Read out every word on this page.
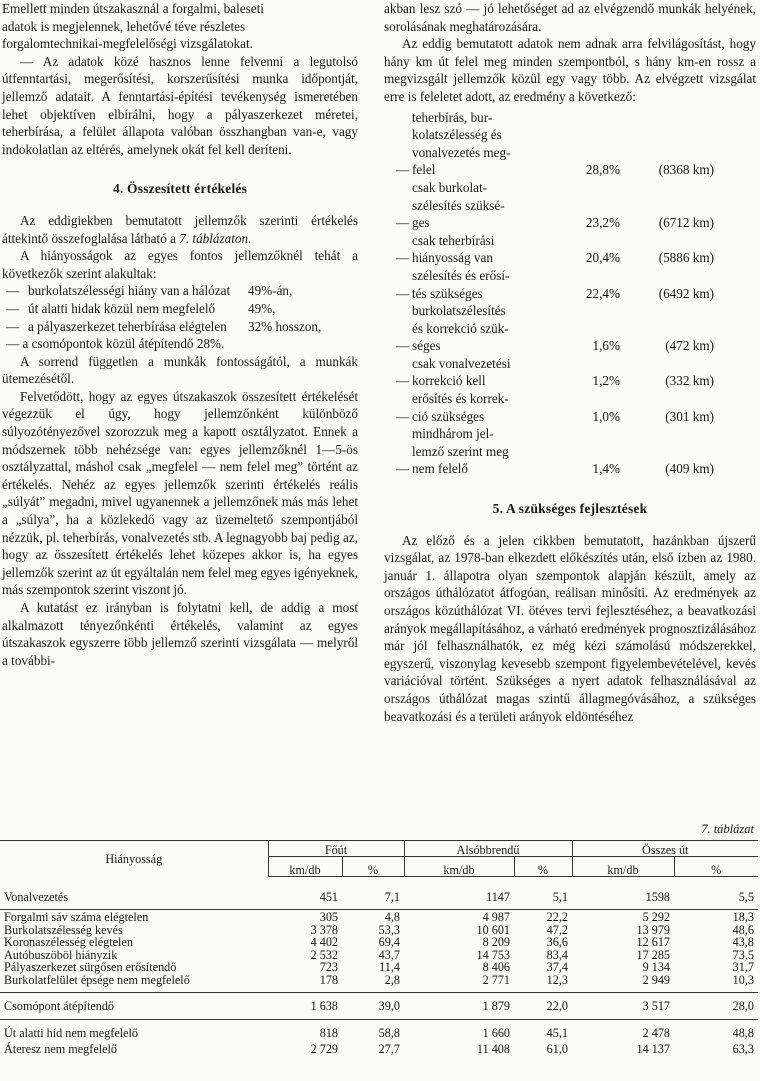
Emellett minden útszakasznál a forgalmi, baleseti

adatok is megjelennek, lehetővé téve részletes

forgalomtechnikai-megfelelőségi vizsgálatokat.

— Az adatok közé hasznos lenne felvenni a legutolsó útfenntartási, megerősítési, korszerűsítési munka időpontját, jellemző adatait. A fenntartási-építési tevékenység ismeretében lehet objektíven elbírálni, hogy a pályaszerkezet méretei, teherbírása, a felület állapota valóban összhangban van-e, vagy indokolatlan az eltérés, amelynek okát fel kell deríteni.

4. Összesített értékelés

Az eddigiekben bemutatott jellemzők szerinti értékelés áttekintő összefoglalása látható a 7. táblázaton.

A hiányosságok az egyes fontos jellemzőknél tehát a következők szerint alakultak:

— burkolatszélességi hiány van a hálózat	49%-án,
— út alatti hidak közül nem megfelelő	49%,
— a pályaszerkezet teherbírása elégtelen	32% hosszon,

— a csomópontok közül átépítendő 28%.

A sorrend független a munkák fontosságától, a munkák ütemezésétől.

Felvetődött, hogy az egyes útszakaszok összesített értékelését végezzük el úgy, hogy jellemzőnként különböző súlyozótényezővel szorozzuk meg a kapott osztályzatot. Ennek a módszernek több nehézsége van: egyes jellemzőknél 1—5-ös osztályzattal, máshol csak „megfelel — nem felel meg” történt az értékelés. Nehéz az egyes jellemzők szerinti értékelés reális „súlyát” megadni, mivel ugyanennek a jellemzőnek más más lehet a „súlya”, ha a közlekedő vagy az üzemeltető szempontjából nézzük, pl. teherbírás, vonalvezetés stb. A legnagyobb baj pedig az, hogy az összesített értékelés lehet közepes akkor is, ha egyes jellemzők szerint az út egyáltalán nem felel meg egyes igényeknek, más szempontok szerint viszont jó.

A kutatást ez irányban is folytatni kell, de addig a most alkalmazott tényezőnkénti értékelés, valamint az egyes útszakaszok egyszerre több jellemző szerinti vizsgálata — melyről a további-

akban lesz szó — jó lehetőséget ad az elvégzendő munkák helyének, sorolásának meghatározására.

Az eddig bemutatott adatok nem adnak arra felvilágosítást, hogy hány km út felel meg minden szempontból, s hány km-en rossz a megvizsgált jellemzők közül egy vagy több. Az elvégzett vizsgálat erre is feleletet adott, az eredmény a következő:

—
teherbírás, bur-
kolatszélesség és
vonalvezetés meg-
felel	28,8%	(8368 km)
—
csak burkolat-
szélesítés szüksé-
ges	23,2%	(6712 km)
—
csak teherbírási
hiányosság van	20,4%	(5886 km)
—
szélesítés és erősí-
tés szükséges	22,4%	(6492 km)
—
burkolatszélesítés
és korrekció szük-
séges	1,6%	(472 km)
—
csak vonalvezetési
korrekció kell	1,2%	(332 km)
—
erősítés és korrek-
ció szükséges	1,0%	(301 km)
—
mindhárom jel-
lemző szerint meg
nem felelő	1,4%	(409 km)
5. A szükséges fejlesztések

Az előző és a jelen cikkben bemutatott, hazánkban újszerű vizsgálat, az 1978-ban elkezdett előkészítés után, első ízben az 1980. január 1. állapotra olyan szempontok alapján készült, amely az országos úthálózatot átfogóan, reálisan minősíti. Az eredmények az országos közúthálózat VI. ötéves tervi fejlesztéséhez, a beavatkozási arányok megállapításához, a várható eredmények prognosztizálásához már jól felhasználhatók, ez még kézi számolású módszerekkel, egyszerű, viszonylag kevesebb szempont figyelembevételével, kevés variációval történt. Szükséges a nyert adatok felhasználásával az országos úthálózat magas szintű állagmegóvásához, a szükséges beavatkozási és a területi arányok eldöntéséhez

7. táblázat
Hiányosság	Főút		Alsóbbrendű		Összes út	
	km/db	%	km/db	%	km/db	%

Vonalvezetés	451	7,1	1147	5,1	1598	5,5

Forgalmi sáv száma elégtelen	305	4,8	4 987	22,2	5 292	18,3
Burkolatszélesség kevés	3 378	53,3	10 601	47,2	13 979	48,6
Koronaszélesség elégtelen	4 402	69,4	8 209	36,6	12 617	43,8
Autóbuszöböl hiányzik	2 532	43,7	14 753	83,4	17 285	73,5
Pályaszerkezet sürgősen erősítendő	723	11,4	8 406	37,4	9 134	31,7
Burkolatfelület épsége nem megfelelő	178	2,8	2 771	12,3	2 949	10,3

Csomópont átépítendő	1 638	39,0	1 879	22,0	3 517	28,0

Út alatti híd nem megfelelő	818	58,8	1 660	45,1	2 478	48,8
Áteresz nem megfelelő	2 729	27,7	11 408	61,0	14 137	63,3
